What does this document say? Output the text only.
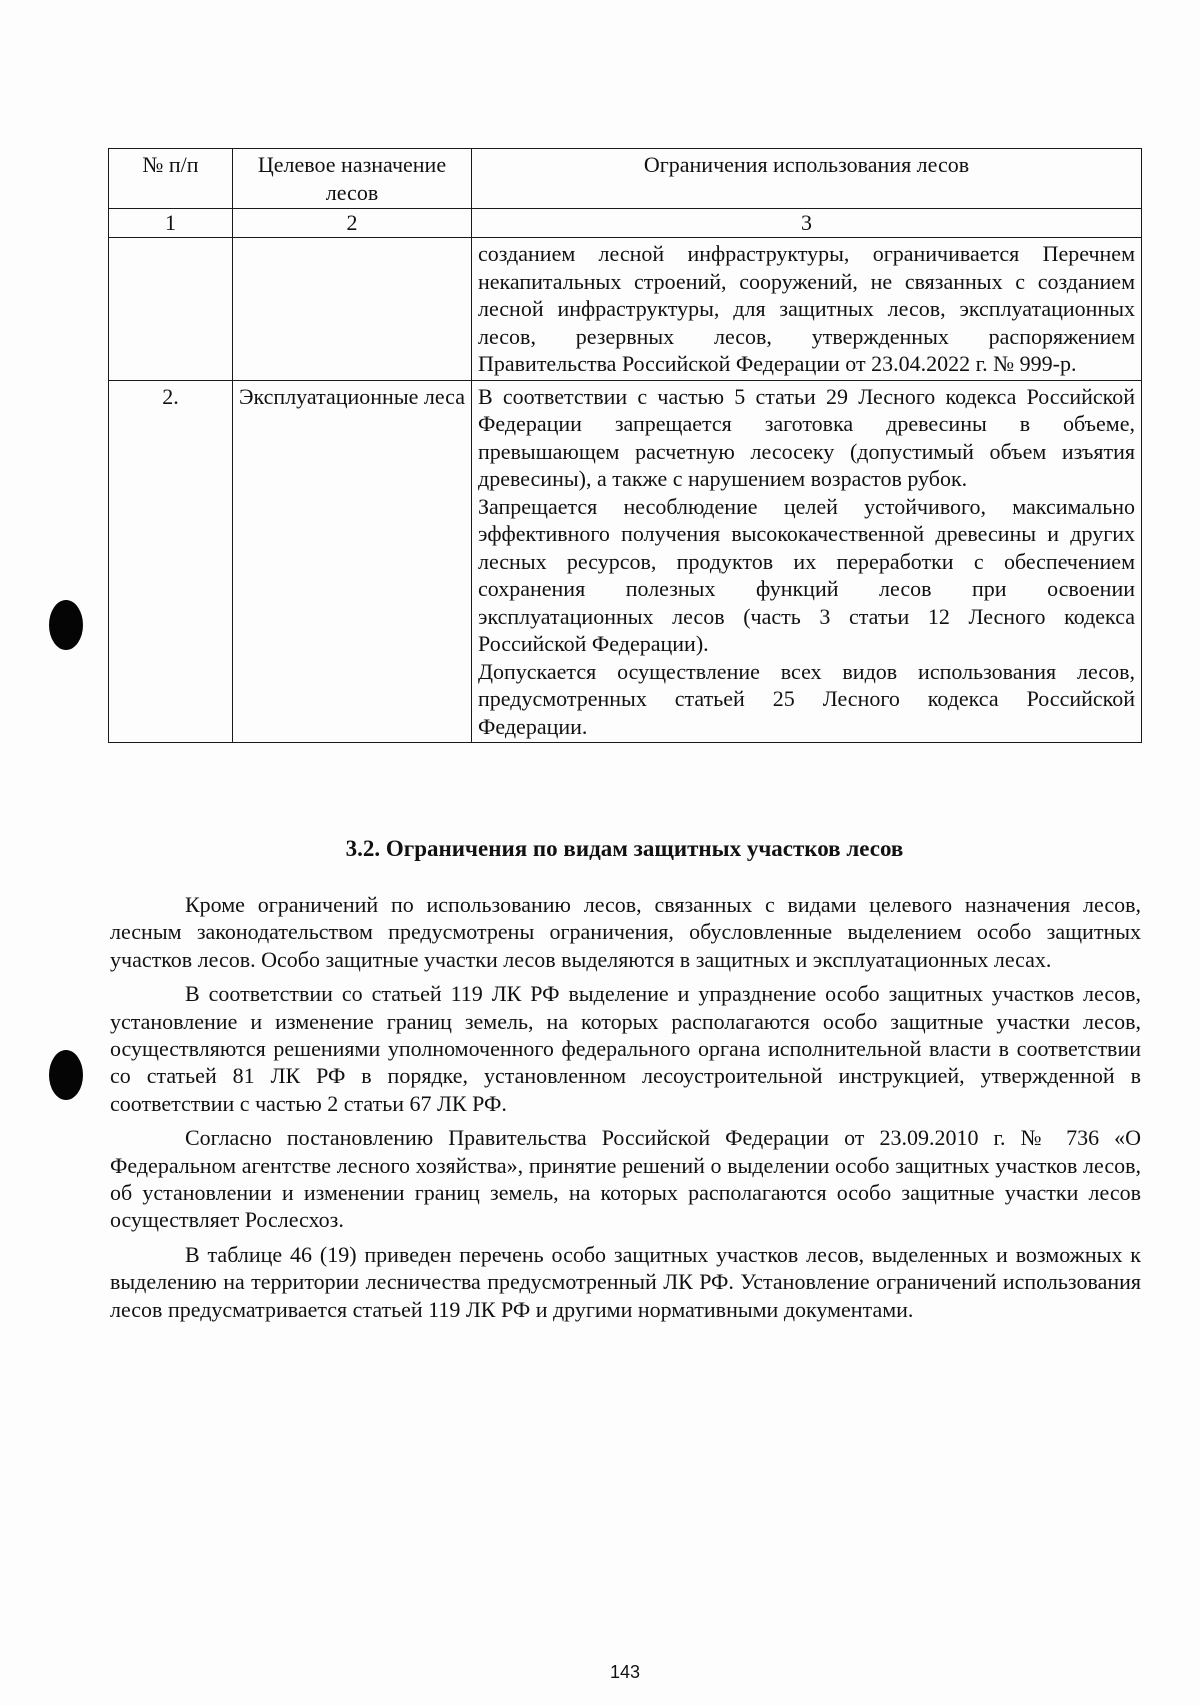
№ п/п	Целевое назначение лесов	Ограничения использования лесов
1	2	3

		созданием лесной инфраструктуры, ограничивается Перечнем некапитальных строений, сооружений, не связанных с созданием лесной инфраструктуры, для защитных лесов, эксплуатационных лесов, резервных лесов, утвержденных распоряжением Правительства Российской Федерации от 23.04.2022 г. № 999-р.

2.	Эксплуатационные леса	В соответствии с частью 5 статьи 29 Лесного кодекса Российской Федерации запрещается заготовка древесины в объеме, превышающем расчетную лесосеку (допустимый объем изъятия древесины), а также с нарушением возрастов рубок.
Запрещается несоблюдение целей устойчивого, максимально эффективного получения высококачественной древесины и других лесных ресурсов, продуктов их переработки с обеспечением сохранения полезных функций лесов при освоении эксплуатационных лесов (часть 3 статьи 12 Лесного кодекса Российской Федерации).
Допускается осуществление всех видов использования лесов, предусмотренных статьей 25 Лесного кодекса Российской Федерации.
3.2. Ограничения по видам защитных участков лесов

Кроме ограничений по использованию лесов, связанных с видами целевого назначения лесов, лесным законодательством предусмотрены ограничения, обусловленные выделением особо защитных участков лесов. Особо защитные участки лесов выделяются в защитных и эксплуатационных лесах.

В соответствии со статьей 119 ЛК РФ выделение и упразднение особо защитных участков лесов, установление и изменение границ земель, на которых располагаются особо защитные участки лесов, осуществляются решениями уполномоченного федерального органа исполнительной власти в соответствии со статьей 81 ЛК РФ в порядке, установленном лесоустроительной инструкцией, утвержденной в соответствии с частью 2 статьи 67 ЛК РФ.

Согласно постановлению Правительства Российской Федерации от 23.09.2010 г. № 736 «О Федеральном агентстве лесного хозяйства», принятие решений о выделении особо защитных участков лесов, об установлении и изменении границ земель, на которых располагаются особо защитные участки лесов осуществляет Рослесхоз.

В таблице 46 (19) приведен перечень особо защитных участков лесов, выделенных и возможных к выделению на территории лесничества предусмотренный ЛК РФ. Установление ограничений использования лесов предусматривается статьей 119 ЛК РФ и другими нормативными документами.

143
